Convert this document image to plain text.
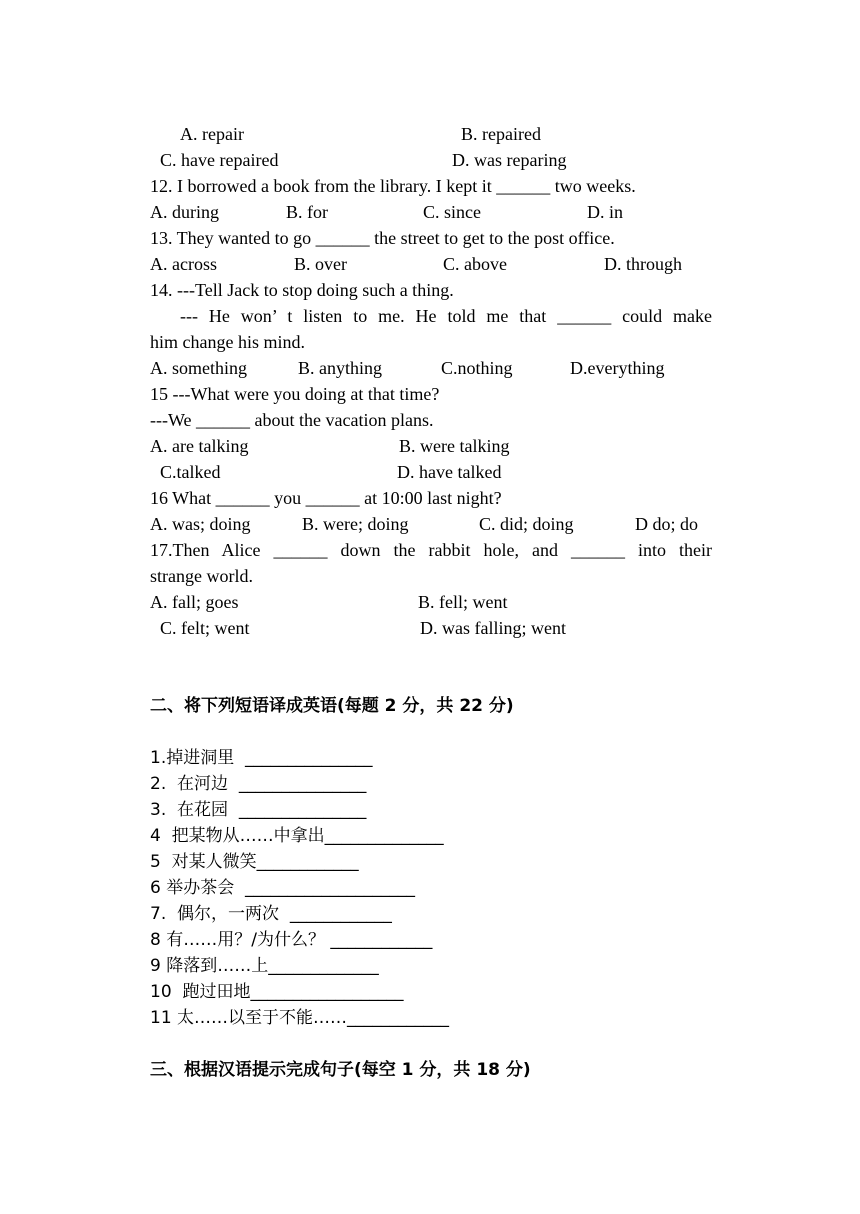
A. repair	B. repaired
C. have repaired	D. was reparing
12. I borrowed a book from the library. I kept it ______ two weeks.
A. during	B. for	C. since	D. in
13. They wanted to go ______ the street to get to the post office.
A. across	B. over	C. above	D. through
14. ---Tell Jack to stop doing such a thing.
--- He won’ t listen to me. He told me that ______ could make
him change his mind.
A. something	B. anything	C.nothing	D.everything
15 ---What were you doing at that time?
---We ______ about the vacation plans.
A. are talking	B. were talking
C.talked	D. have talked
16 What ______ you ______ at 10:00 last night?
A. was; doing	B. were; doing	C. did; doing	D do; do
17.Then Alice ______ down the rabbit hole, and ______ into their
strange world.
A. fall; goes	B. fell; went
C. felt; went	D. was falling; went
二、将下列短语译成英语(每题 2 分，共 22 分)
1.掉进洞里  _______________
2.  在河边  _______________
3.  在花园  _______________
4  把某物从……中拿出______________
5  对某人微笑____________
6 举办茶会  ____________________
7.  偶尔，一两次  ____________
8 有……用？/为什么？ ____________
9 降落到……上_____________
10  跑过田地__________________
11 太……以至于不能……____________
三、根据汉语提示完成句子(每空 1 分，共 18 分)
